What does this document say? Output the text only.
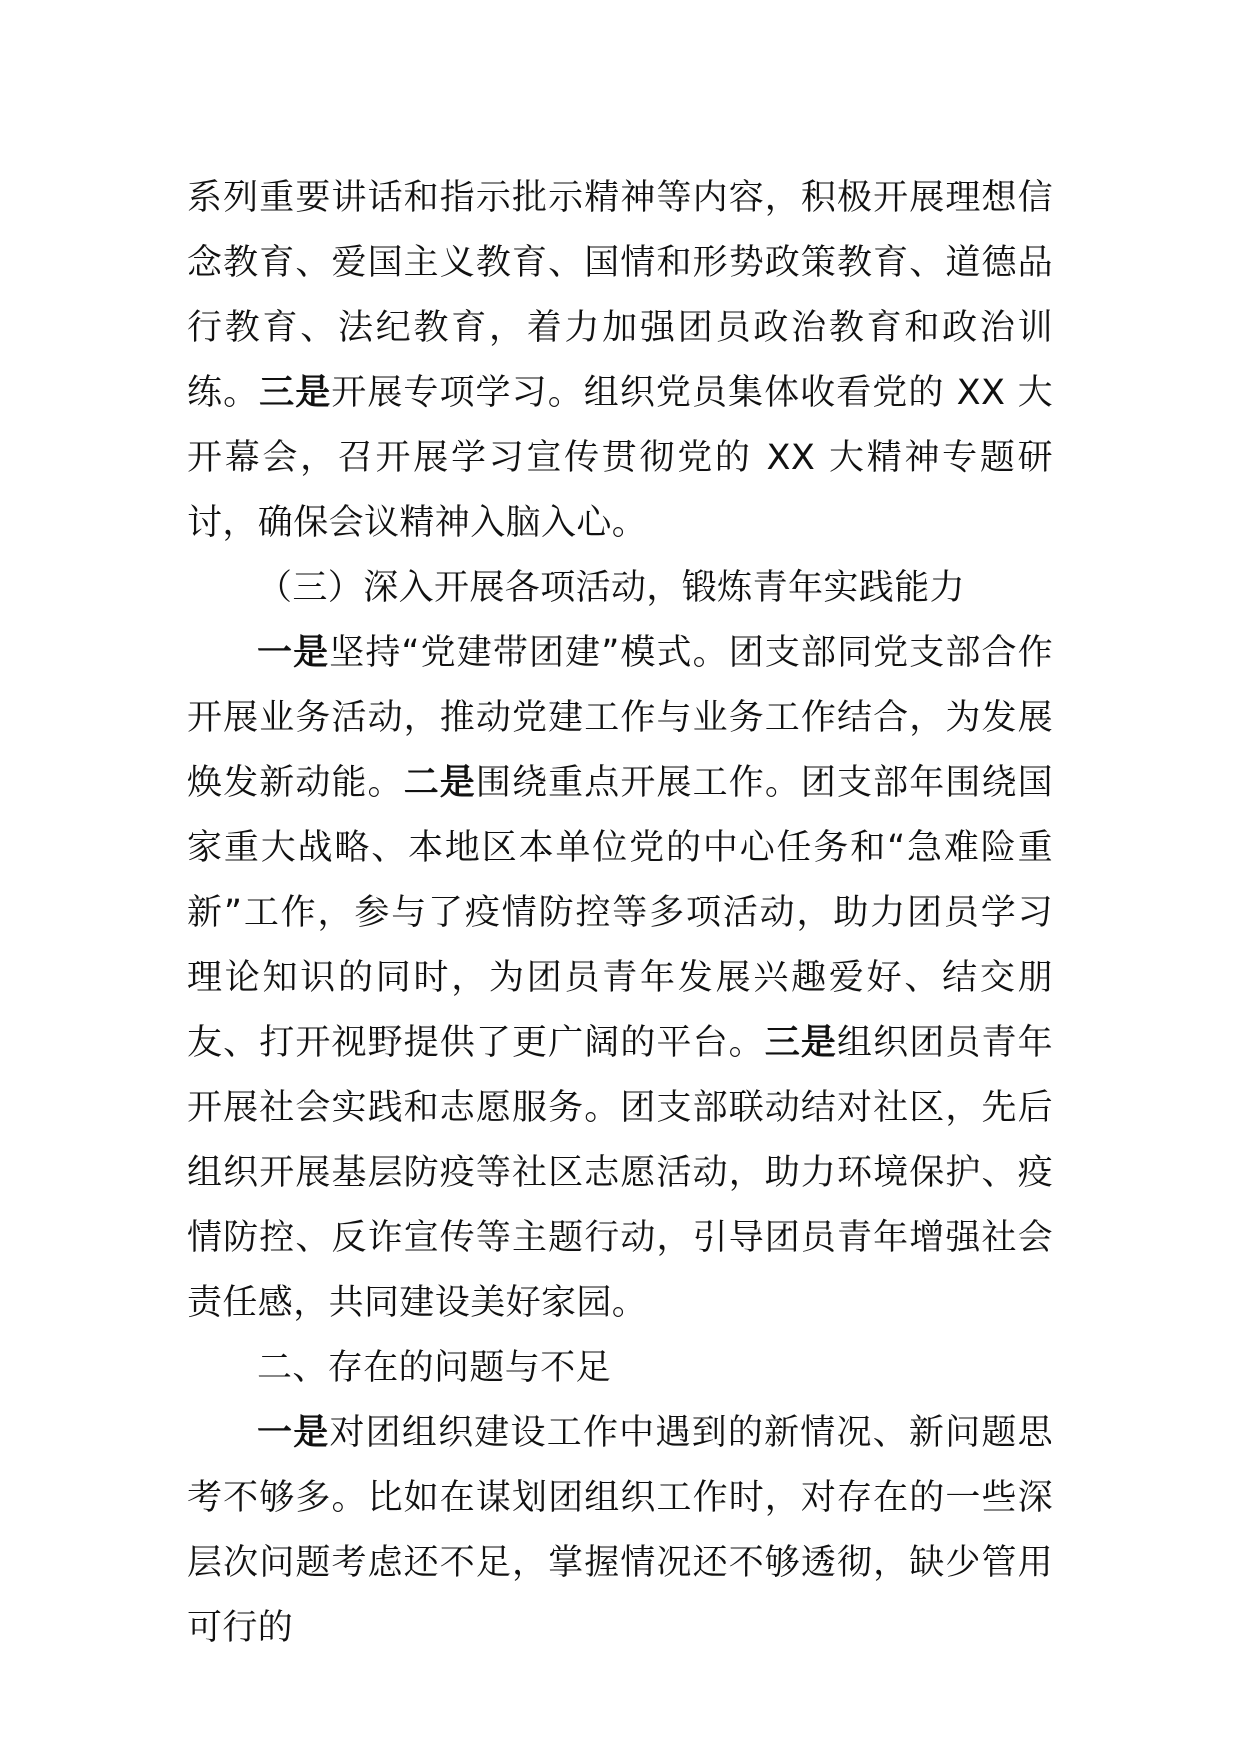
系列重要讲话和指示批示精神等内容，积极开展理想信念教育、爱国主义教育、国情和形势政策教育、道德品行教育、法纪教育，着力加强团员政治教育和政治训练。三是开展专项学习。组织党员集体收看党的 XX 大开幕会，召开展学习宣传贯彻党的 XX 大精神专题研讨，确保会议精神入脑入心。

（三）深入开展各项活动，锻炼青年实践能力

一是坚持“党建带团建”模式。团支部同党支部合作开展业务活动，推动党建工作与业务工作结合，为发展焕发新动能。二是围绕重点开展工作。团支部年围绕国家重大战略、本地区本单位党的中心任务和“急难险重新”工作，参与了疫情防控等多项活动，助力团员学习理论知识的同时，为团员青年发展兴趣爱好、结交朋友、打开视野提供了更广阔的平台。三是组织团员青年开展社会实践和志愿服务。团支部联动结对社区，先后组织开展基层防疫等社区志愿活动，助力环境保护、疫情防控、反诈宣传等主题行动，引导团员青年增强社会责任感，共同建设美好家园。

二、存在的问题与不足

一是对团组织建设工作中遇到的新情况、新问题思考不够多。比如在谋划团组织工作时，对存在的一些深层次问题考虑还不足，掌握情况还不够透彻，缺少管用可行的
